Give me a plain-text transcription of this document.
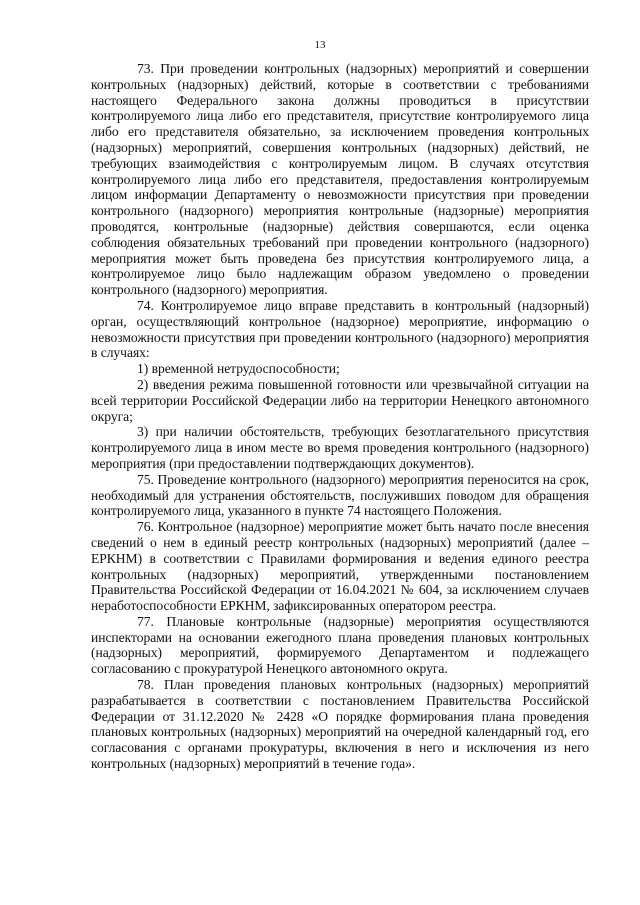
13

73. При проведении контрольных (надзорных) мероприятий и совершении контрольных (надзорных) действий, которые в соответствии с требованиями настоящего Федерального закона должны проводиться в присутствии контролируемого лица либо его представителя, присутствие контролируемого лица либо его представителя обязательно, за исключением проведения контрольных (надзорных) мероприятий, совершения контрольных (надзорных) действий, не требующих взаимодействия с контролируемым лицом. В случаях отсутствия контролируемого лица либо его представителя, предоставления контролируемым лицом информации Департаменту о невозможности присутствия при проведении контрольного (надзорного) мероприятия контрольные (надзорные) мероприятия проводятся, контрольные (надзорные) действия совершаются, если оценка соблюдения обязательных требований при проведении контрольного (надзорного) мероприятия может быть проведена без присутствия контролируемого лица, а контролируемое лицо было надлежащим образом уведомлено о проведении контрольного (надзорного) мероприятия.

74. Контролируемое лицо вправе представить в контрольный (надзорный) орган, осуществляющий контрольное (надзорное) мероприятие, информацию о невозможности присутствия при проведении контрольного (надзорного) мероприятия в случаях:

1) временной нетрудоспособности;

2) введения режима повышенной готовности или чрезвычайной ситуации на всей территории Российской Федерации либо на территории Ненецкого автономного округа;

3) при наличии обстоятельств, требующих безотлагательного присутствия контролируемого лица в ином месте во время проведения контрольного (надзорного) мероприятия (при предоставлении подтверждающих документов).

75. Проведение контрольного (надзорного) мероприятия переносится на срок, необходимый для устранения обстоятельств, послуживших поводом для обращения контролируемого лица, указанного в пункте 74 настоящего Положения.

76. Контрольное (надзорное) мероприятие может быть начато после внесения сведений о нем в единый реестр контрольных (надзорных) мероприятий (далее – ЕРКНМ) в соответствии с Правилами формирования и ведения единого реестра контрольных (надзорных) мероприятий, утвержденными постановлением Правительства Российской Федерации от 16.04.2021 № 604, за исключением случаев неработоспособности ЕРКНМ, зафиксированных оператором реестра.

77. Плановые контрольные (надзорные) мероприятия осуществляются инспекторами на основании ежегодного плана проведения плановых контрольных (надзорных) мероприятий, формируемого Департаментом и подлежащего согласованию с прокуратурой Ненецкого автономного округа.

78. План проведения плановых контрольных (надзорных) мероприятий разрабатывается в соответствии с постановлением Правительства Российской Федерации от 31.12.2020 № 2428 «О порядке формирования плана проведения плановых контрольных (надзорных) мероприятий на очередной календарный год, его согласования с органами прокуратуры, включения в него и исключения из него контрольных (надзорных) мероприятий в течение года».
